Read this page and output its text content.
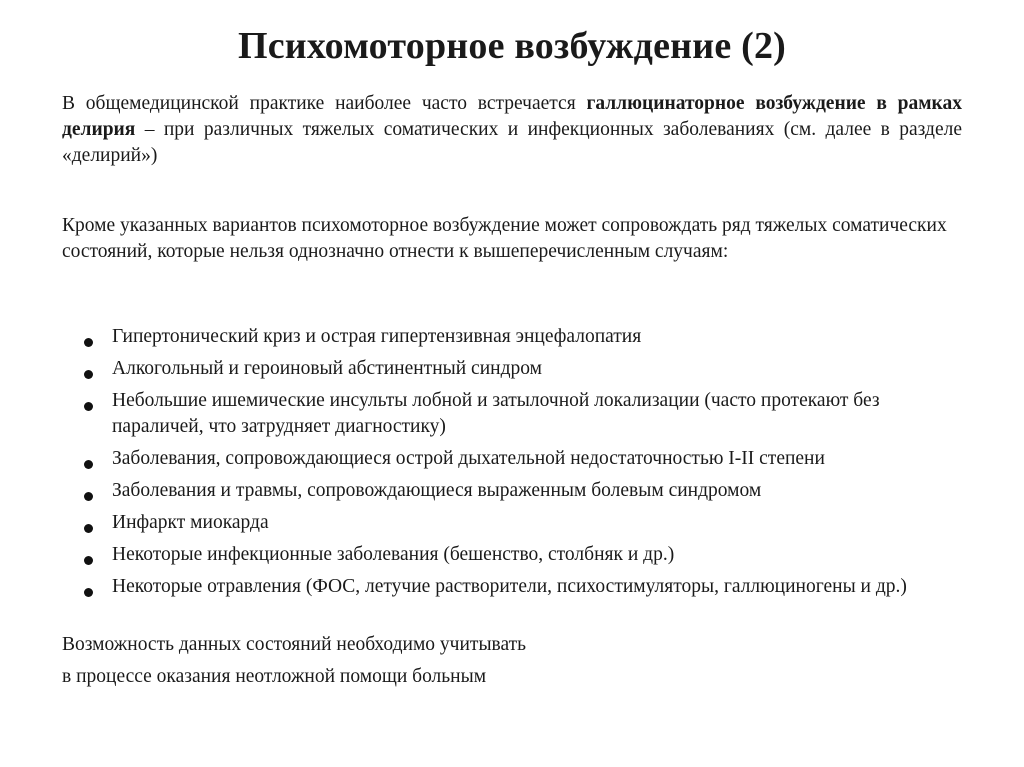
Психомоторное возбуждение (2)
В общемедицинской практике наиболее часто встречается галлюцинаторное возбуждение в рамках делирия – при различных тяжелых соматических и инфекционных заболеваниях (см. далее в разделе «делирий»)
Кроме указанных вариантов психомоторное возбуждение может сопровождать ряд тяжелых соматических состояний, которые нельзя однозначно отнести к вышеперечисленным случаям:
Гипертонический криз и острая гипертензивная энцефалопатия
Алкогольный и героиновый абстинентный синдром
Небольшие ишемические инсульты лобной и затылочной локализации (часто протекают без параличей, что затрудняет диагностику)
Заболевания, сопровождающиеся острой дыхательной недостаточностью I-II степени
Заболевания и травмы, сопровождающиеся выраженным болевым синдромом
Инфаркт миокарда
Некоторые инфекционные заболевания (бешенство, столбняк и др.)
Некоторые отравления (ФОС, летучие растворители, психостимуляторы, галлюциногены и др.)
Возможность данных состояний необходимо учитывать
в процессе оказания неотложной помощи больным
